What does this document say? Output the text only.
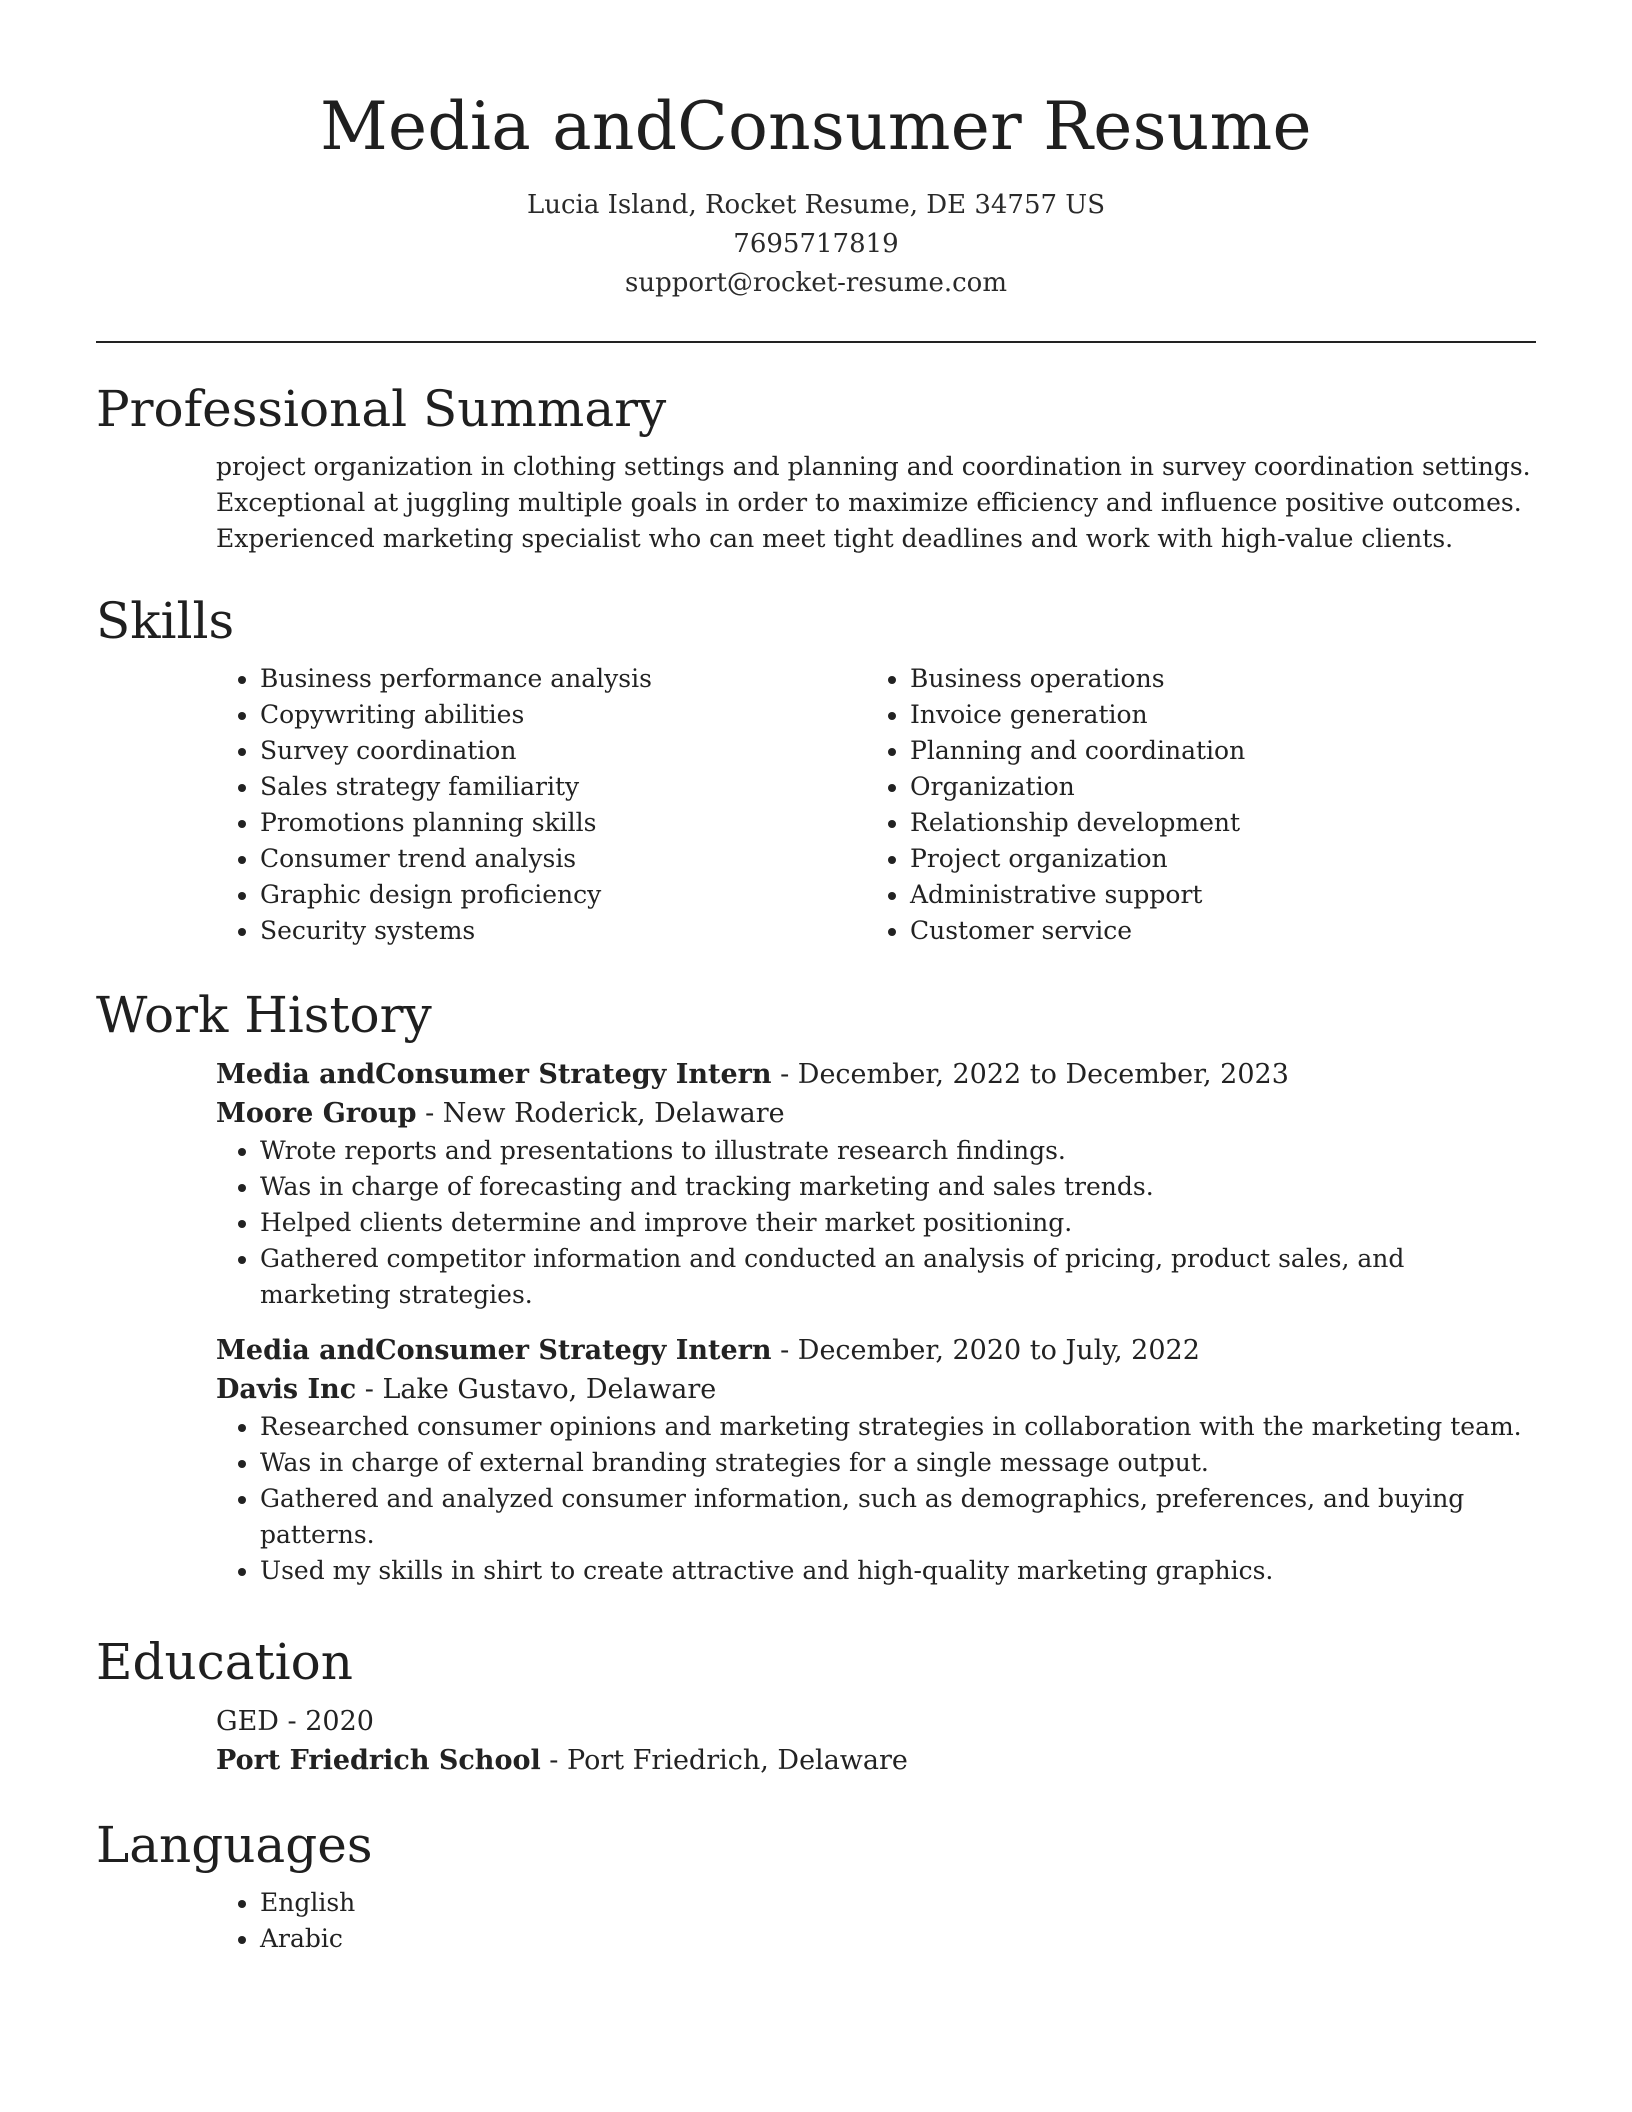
Media andConsumer Resume
Lucia Island, Rocket Resume, DE 34757 US
7695717819
support@rocket-resume.com
Professional Summary
project organization in clothing settings and planning and coordination in survey coordination settings.
Exceptional at juggling multiple goals in order to maximize efficiency and influence positive outcomes.
Experienced marketing specialist who can meet tight deadlines and work with high-value clients.
Skills
• Business performance analysis
• Copywriting abilities
• Survey coordination
• Sales strategy familiarity
• Promotions planning skills
• Consumer trend analysis
• Graphic design proficiency
• Security systems
• Business operations
• Invoice generation
• Planning and coordination
• Organization
• Relationship development
• Project organization
• Administrative support
• Customer service
Work History
Media andConsumer Strategy Intern - December, 2022 to December, 2023
Moore Group - New Roderick, Delaware
• Wrote reports and presentations to illustrate research findings.
• Was in charge of forecasting and tracking marketing and sales trends.
• Helped clients determine and improve their market positioning.
• Gathered competitor information and conducted an analysis of pricing, product sales, and marketing strategies.
Media andConsumer Strategy Intern - December, 2020 to July, 2022
Davis Inc - Lake Gustavo, Delaware
• Researched consumer opinions and marketing strategies in collaboration with the marketing team.
• Was in charge of external branding strategies for a single message output.
• Gathered and analyzed consumer information, such as demographics, preferences, and buying patterns.
• Used my skills in shirt to create attractive and high-quality marketing graphics.
Education
GED - 2020
Port Friedrich School - Port Friedrich, Delaware
Languages
• English
• Arabic
